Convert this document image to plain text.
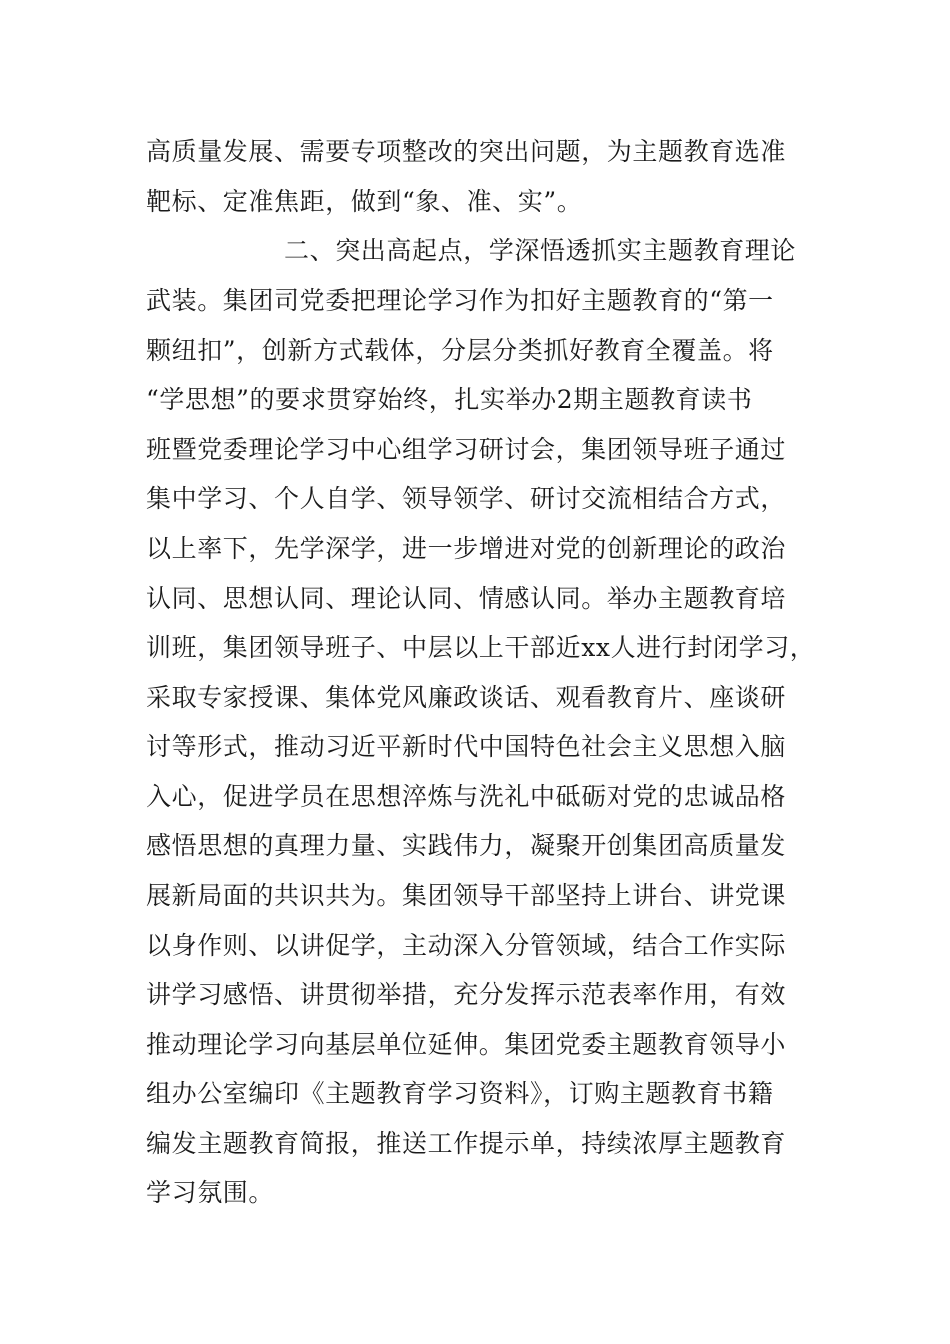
高质量发展、需要专项整改的突出问题，为主题教育选准
靶标、定准焦距，做到“象、准、实”。
二、突出高起点，学深悟透抓实主题教育理论
武装。集团司党委把理论学习作为扣好主题教育的“第一
颗纽扣”，创新方式载体，分层分类抓好教育全覆盖。将
“学思想”的要求贯穿始终，扎实举办2期主题教育读书
班暨党委理论学习中心组学习研讨会，集团领导班子通过
集中学习、个人自学、领导领学、研讨交流相结合方式，
以上率下，先学深学，进一步增进对党的创新理论的政治
认同、思想认同、理论认同、情感认同。举办主题教育培
训班，集团领导班子、中层以上干部近xx人进行封闭学习，
采取专家授课、集体党风廉政谈话、观看教育片、座谈研
讨等形式，推动习近平新时代中国特色社会主义思想入脑
入心，促进学员在思想淬炼与洗礼中砥砺对党的忠诚品格
感悟思想的真理力量、实践伟力，凝聚开创集团高质量发
展新局面的共识共为。集团领导干部坚持上讲台、讲党课
以身作则、以讲促学，主动深入分管领域，结合工作实际
讲学习感悟、讲贯彻举措，充分发挥示范表率作用，有效
推动理论学习向基层单位延伸。集团党委主题教育领导小
组办公室编印《主题教育学习资料》，订购主题教育书籍
编发主题教育简报，推送工作提示单，持续浓厚主题教育
学习氛围。
